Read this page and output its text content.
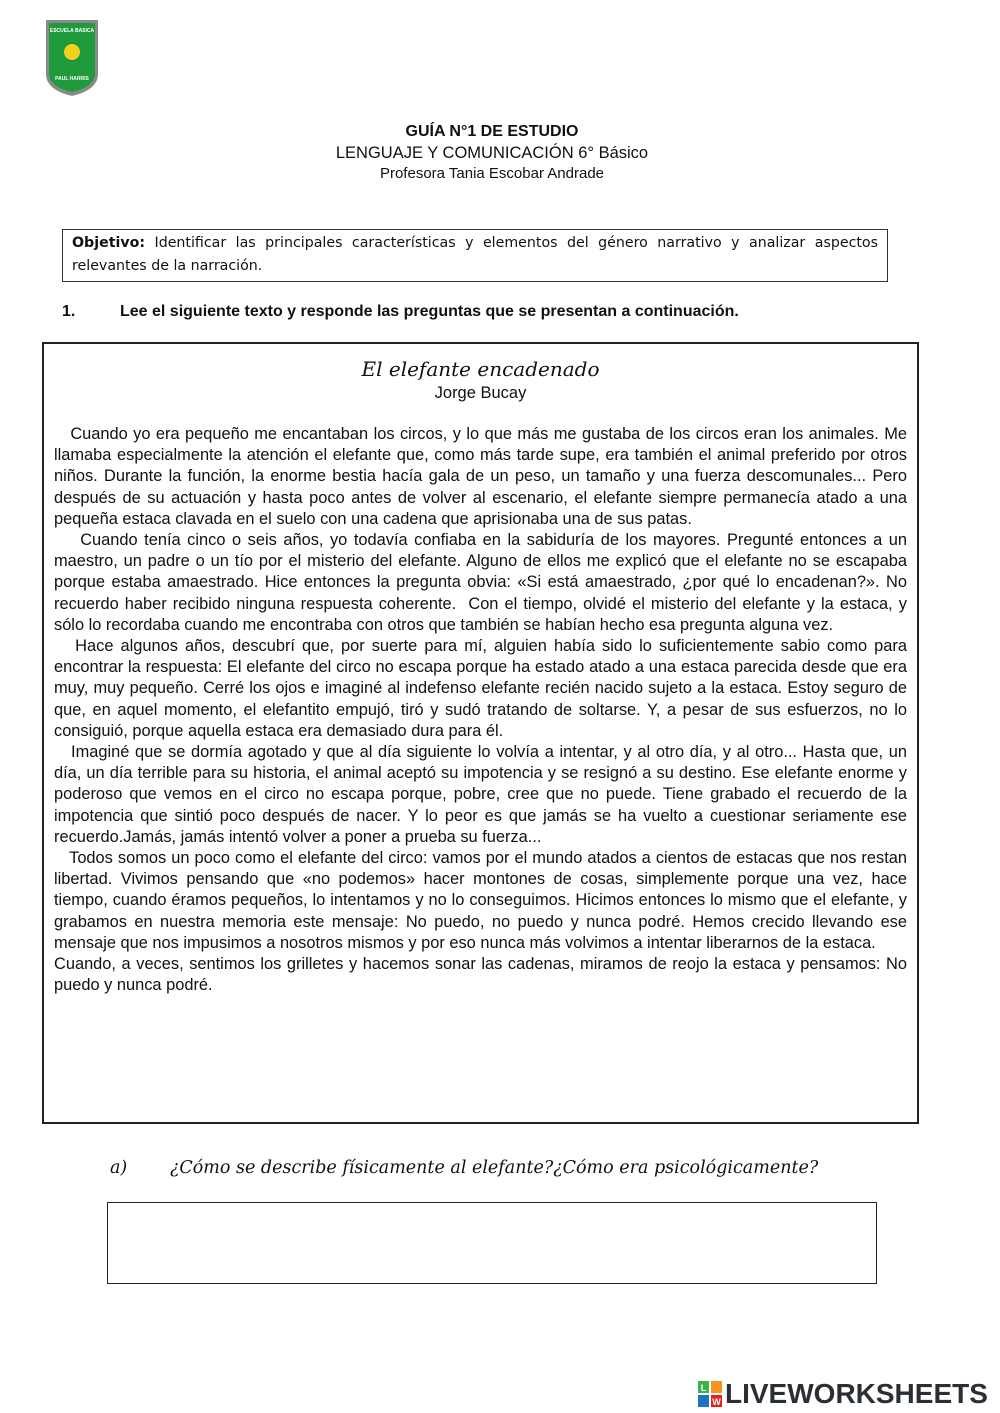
ESCUELA BASICA
PAUL HARRIS
GUÍA N°1 DE ESTUDIO
LENGUAJE Y COMUNICACIÓN 6° Básico
Profesora Tania Escobar Andrade
Objetivo: Identificar las principales características y elementos del género narrativo y analizar aspectos relevantes de la narración.
1.	Lee el siguiente texto y responde las preguntas que se presentan a continuación.
El elefante encadenado
Jorge Bucay

Cuando yo era pequeño me encantaban los circos, y lo que más me gustaba de los circos eran los animales. Me llamaba especialmente la atención el elefante que, como más tarde supe, era también el animal preferido por otros niños. Durante la función, la enorme bestia hacía gala de un peso, un tamaño y una fuerza descomunales... Pero después de su actuación y hasta poco antes de volver al escenario, el elefante siempre permanecía atado a una pequeña estaca clavada en el suelo con una cadena que aprisionaba una de sus patas.

Cuando tenía cinco o seis años, yo todavía confiaba en la sabiduría de los mayores. Pregunté entonces a un maestro, un padre o un tío por el misterio del elefante. Alguno de ellos me explicó que el elefante no se escapaba porque estaba amaestrado. Hice entonces la pregunta obvia: «Si está amaestrado, ¿por qué lo encadenan?». No recuerdo haber recibido ninguna respuesta coherente.  Con el tiempo, olvidé el misterio del elefante y la estaca, y sólo lo recordaba cuando me encontraba con otros que también se habían hecho esa pregunta alguna vez.

Hace algunos años, descubrí que, por suerte para mí, alguien había sido lo suficientemente sabio como para encontrar la respuesta: El elefante del circo no escapa porque ha estado atado a una estaca parecida desde que era muy, muy pequeño. Cerré los ojos e imaginé al indefenso elefante recién nacido sujeto a la estaca. Estoy seguro de que, en aquel momento, el elefantito empujó, tiró y sudó tratando de soltarse. Y, a pesar de sus esfuerzos, no lo consiguió, porque aquella estaca era demasiado dura para él.

Imaginé que se dormía agotado y que al día siguiente lo volvía a intentar, y al otro día, y al otro... Hasta que, un día, un día terrible para su historia, el animal aceptó su impotencia y se resignó a su destino. Ese elefante enorme y poderoso que vemos en el circo no escapa porque, pobre, cree que no puede. Tiene grabado el recuerdo de la impotencia que sintió poco después de nacer. Y lo peor es que jamás se ha vuelto a cuestionar seriamente ese recuerdo.Jamás, jamás intentó volver a poner a prueba su fuerza...

Todos somos un poco como el elefante del circo: vamos por el mundo atados a cientos de estacas que nos restan libertad. Vivimos pensando que «no podemos» hacer montones de cosas, simplemente porque una vez, hace tiempo, cuando éramos pequeños, lo intentamos y no lo conseguimos. Hicimos entonces lo mismo que el elefante, y grabamos en nuestra memoria este mensaje: No puedo, no puedo y nunca podré. Hemos crecido llevando ese mensaje que nos impusimos a nosotros mismos y por eso nunca más volvimos a intentar liberarnos de la estaca.

Cuando, a veces, sentimos los grilletes y hacemos sonar las cadenas, miramos de reojo la estaca y pensamos: No puedo y nunca podré.

a) ¿Cómo se describe físicamente al elefante?¿Cómo era psicológicamente?
L
W LIVEWORKSHEETS
